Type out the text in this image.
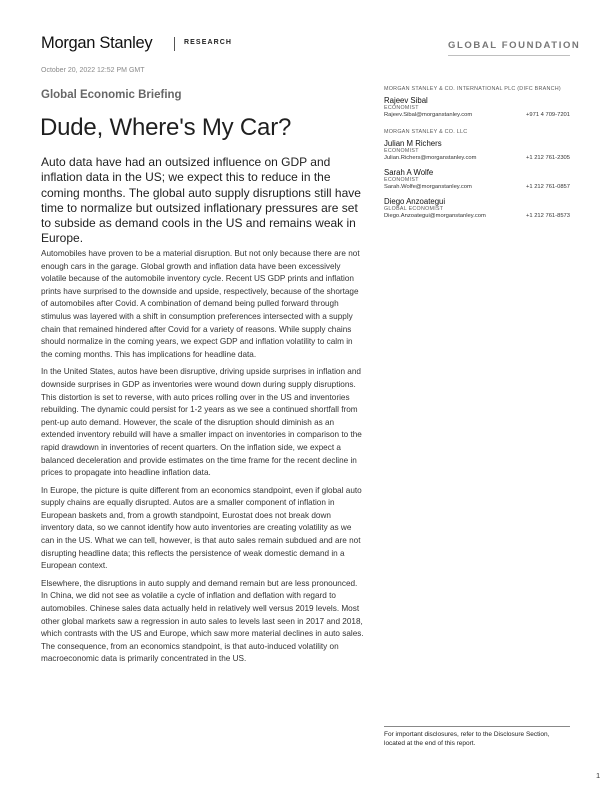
Morgan Stanley	RESEARCH	GLOBAL FOUNDATION
October 20, 2022 12:52 PM GMT
Global Economic Briefing
Dude, Where's My Car?

Auto data have had an outsized influence on GDP and inflation data in the US; we expect this to reduce in the coming months. The global auto supply disruptions still have time to normalize but outsized inflationary pressures are set to subside as demand cools in the US and remains weak in Europe.

Automobiles have proven to be a material disruption. But not only because there are not enough cars in the garage. Global growth and inflation data have been excessively volatile because of the automobile inventory cycle. Recent US GDP prints and inflation prints have surprised to the downside and upside, respectively, because of the shortage of automobiles after Covid. A combination of demand being pulled forward through stimulus was layered with a shift in consumption preferences intersected with a supply chain that remained hindered after Covid for a variety of reasons. While supply chains should normalize in the coming years, we expect GDP and inflation volatility to calm in the coming months. This has implications for headline data.

In the United States, autos have been disruptive, driving upside surprises in inflation and downside surprises in GDP as inventories were wound down during supply disruptions. This distortion is set to reverse, with auto prices rolling over in the US and inventories rebuilding. The dynamic could persist for 1-2 years as we see a continued shortfall from pent-up auto demand. However, the scale of the disruption should diminish as an extended inventory rebuild will have a smaller impact on inventories in comparison to the rapid drawdown in inventories of recent quarters. On the inflation side, we expect a balanced deceleration and provide estimates on the time frame for the recent decline in prices to propagate into headline inflation data.

In Europe, the picture is quite different from an economics standpoint, even if global auto supply chains are equally disrupted. Autos are a smaller component of inflation in European baskets and, from a growth standpoint, Eurostat does not break down inventory data, so we cannot identify how auto inventories are creating volatility as we can in the US. What we can tell, however, is that auto sales remain subdued and are not disrupting headline data; this reflects the persistence of weak domestic demand in a European context.

Elsewhere, the disruptions in auto supply and demand remain but are less pronounced. In China, we did not see as volatile a cycle of inflation and deflation with regard to automobiles. Chinese sales data actually held in relatively well versus 2019 levels. Most other global markets saw a regression in auto sales to levels last seen in 2017 and 2018, which contrasts with the US and Europe, which saw more material declines in auto sales. The consequence, from an economics standpoint, is that auto-induced volatility on macroeconomic data is primarily concentrated in the US.

MORGAN STANLEY & CO. INTERNATIONAL PLC (DIFC BRANCH)
Rajeev Sibal
ECONOMIST
Rajeev.Sibal@morganstanley.com	+971 4 709-7201
MORGAN STANLEY & CO. LLC
Julian M Richers
ECONOMIST
Julian.Richers@morganstanley.com	+1 212 761-2305
Sarah A Wolfe
ECONOMIST
Sarah.Wolfe@morganstanley.com	+1 212 761-0857
Diego Anzoategui
GLOBAL ECONOMIST
Diego.Anzoategui@morganstanley.com	+1 212 761-8573
For important disclosures, refer to the Disclosure Section, located at the end of this report.
1
